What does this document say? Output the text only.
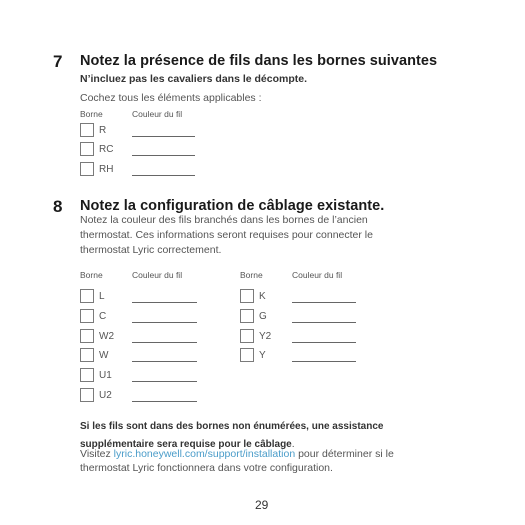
7 Notez la présence de fils dans les bornes suivantes
N’incluez pas les cavaliers dans le décompte.
Cochez tous les éléments applicables :
Borne	Couleur du fil
R
RC
RH
8 Notez la configuration de câblage existante.
Notez la couleur des fils branchés dans les bornes de l’ancien
thermostat. Ces informations seront requises pour connecter le
thermostat Lyric correctement.
Borne	Couleur du fil	Borne	Couleur du fil
L
C
W2
W
U1
U2
K
G
Y2
Y
Si les fils sont dans des bornes non énumérées, une assistance
supplémentaire sera requise pour le câblage.
Visitez lyric.honeywell.com/support/installation pour déterminer si le
thermostat Lyric fonctionnera dans votre configuration.
29
